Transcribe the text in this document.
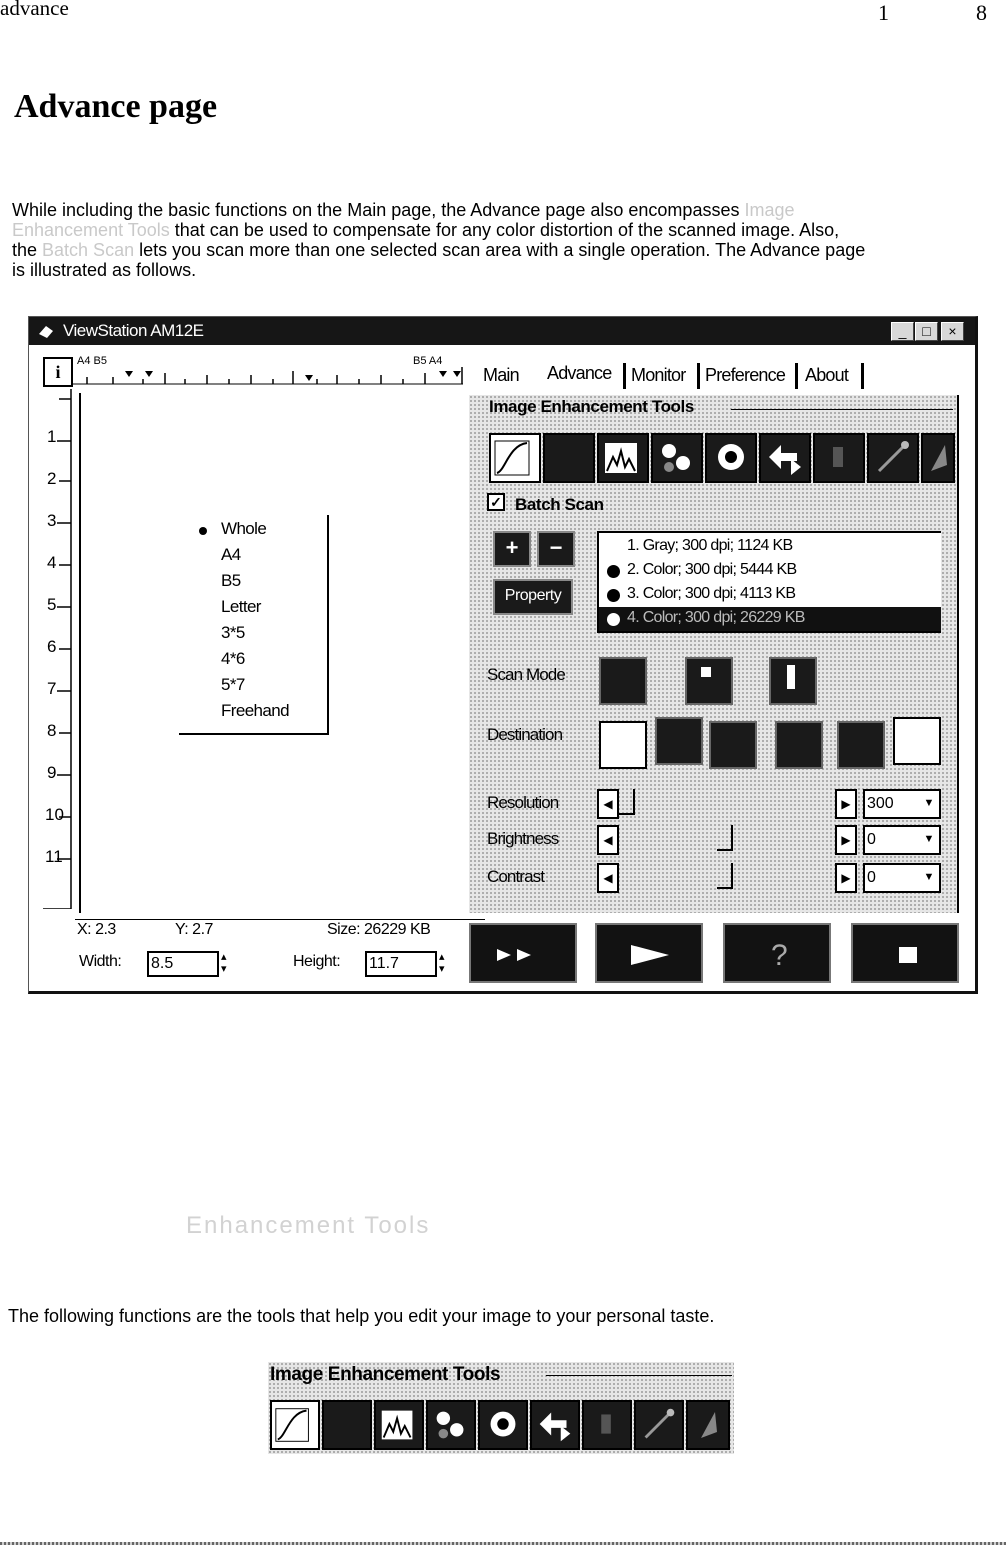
advance	1	8
Advance page
While including the basic functions on the Main page, the Advance page also encompasses Image
Enhancement Tools that can be used to compensate for any color distortion of the scanned image. Also,
the Batch Scan lets you scan more than one selected scan area with a single operation. The Advance page
is illustrated as follows.
ViewStation AM12E	_	□	×
i
A4 B5	B5 A4
1
2
3
4
5
6
7
8
9
10
11
Whole
A4
B5
Letter
3*5
4*6
5*7
Freehand
X: 2.3	Y: 2.7	Size: 26229 KB
Width: 8.5	▴
▾	Height: 11.7	▴
▾
Main Advance Monitor Preference About
Image Enhancement Tools
✓ Batch Scan
+	−
Property
1. Gray; 300 dpi; 1124 KB
2. Color; 300 dpi; 5444 KB
3. Color; 300 dpi; 4113 KB
4. Color; 300 dpi; 26229 KB
Scan Mode
Destination
Resolution	◀	▶	300	▼
Brightness	◀	▶	0	▼
Contrast	◀	▶	0	▼
?
Enhancement Tools
The following functions are the tools that help you edit your image to your personal taste.
Image Enhancement Tools
